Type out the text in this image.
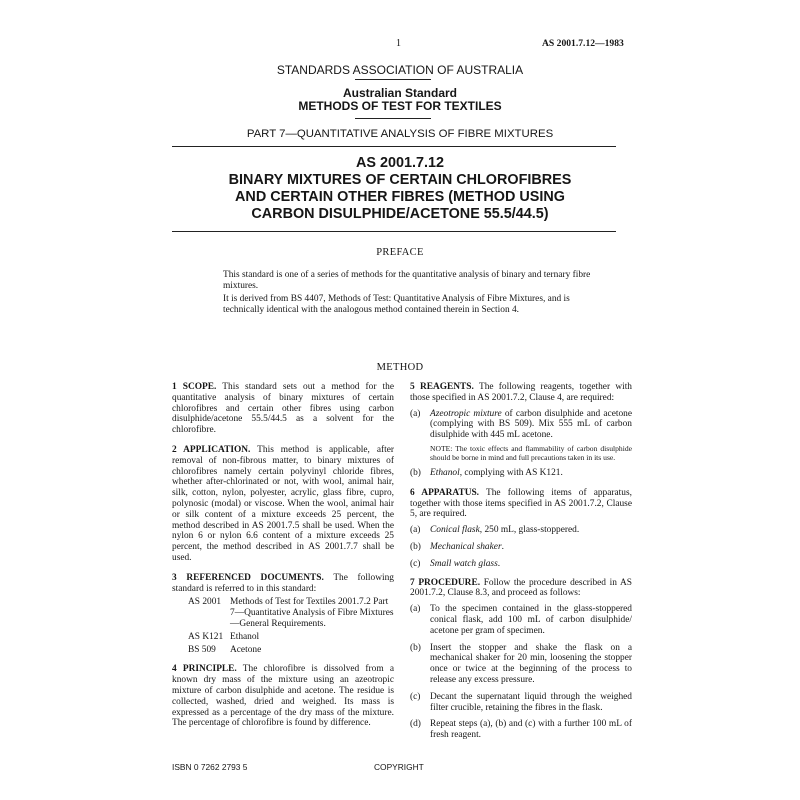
1	AS 2001.7.12—1983
STANDARDS ASSOCIATION OF AUSTRALIA
Australian Standard
METHODS OF TEST FOR TEXTILES
PART 7—QUANTITATIVE ANALYSIS OF FIBRE MIXTURES
AS 2001.7.12
BINARY MIXTURES OF CERTAIN CHLOROFIBRES
AND CERTAIN OTHER FIBRES (METHOD USING
CARBON DISULPHIDE/ACETONE 55.5/44.5)
PREFACE
This standard is one of a series of methods for the quantitative analysis of binary and ternary fibre mixtures.
It is derived from BS 4407, Methods of Test: Quantitative Analysis of Fibre Mixtures, and is technically identical with the analogous method contained therein in Section 4.
METHOD

1 SCOPE. This standard sets out a method for the quantitative analysis of binary mixtures of certain chlorofibres and certain other fibres using carbon disulphide/acetone 55.5/44.5 as a solvent for the chlorofibre.

2 APPLICATION. This method is applicable, after removal of non-fibrous matter, to binary mixtures of chlorofibres namely certain polyvinyl chloride fibres, whether after-chlorinated or not, with wool, animal hair, silk, cotton, nylon, polyester, acrylic, glass fibre, cupro, polynosic (modal) or viscose. When the wool, animal hair or silk content of a mixture exceeds 25 percent, the method described in AS 2001.7.5 shall be used. When the nylon 6 or nylon 6.6 content of a mixture exceeds 25 percent, the method described in AS 2001.7.7 shall be used.

3 REFERENCED DOCUMENTS. The following standard is referred to in this standard:

AS 2001 Methods of Test for Textiles 2001.7.2 Part 7—Quantitative Analysis of Fibre Mixtures—General Requirements.
AS K121 Ethanol
BS 509	Acetone

4 PRINCIPLE. The chlorofibre is dissolved from a known dry mass of the mixture using an azeotropic mixture of carbon disulphide and acetone. The residue is collected, washed, dried and weighed. Its mass is expressed as a percentage of the dry mass of the mixture. The percentage of chlorofibre is found by difference.

5 REAGENTS. The following reagents, together with those specified in AS 2001.7.2, Clause 4, are required:

(a) Azeotropic mixture of carbon disulphide and acetone (complying with BS 509). Mix 555 mL of carbon disulphide with 445 mL acetone.
NOTE: The toxic effects and flammability of carbon disulphide should be borne in mind and full precautions taken in its use.
(b) Ethanol, complying with AS K121.

6 APPARATUS. The following items of apparatus, together with those items specified in AS 2001.7.2, Clause 5, are required.

(a) Conical flask, 250 mL, glass-stoppered.
(b) Mechanical shaker.
(c) Small watch glass.

7 PROCEDURE. Follow the procedure described in AS 2001.7.2, Clause 8.3, and proceed as follows:

(a) To the specimen contained in the glass-stoppered conical flask, add 100 mL of carbon disulphide/ acetone per gram of specimen.
(b) Insert the stopper and shake the flask on a mechanical shaker for 20 min, loosening the stopper once or twice at the beginning of the process to release any excess pressure.
(c) Decant the supernatant liquid through the weighed filter crucible, retaining the fibres in the flask.
(d) Repeat steps (a), (b) and (c) with a further 100 mL of fresh reagent.
ISBN 0 7262 2793 5	COPYRIGHT
